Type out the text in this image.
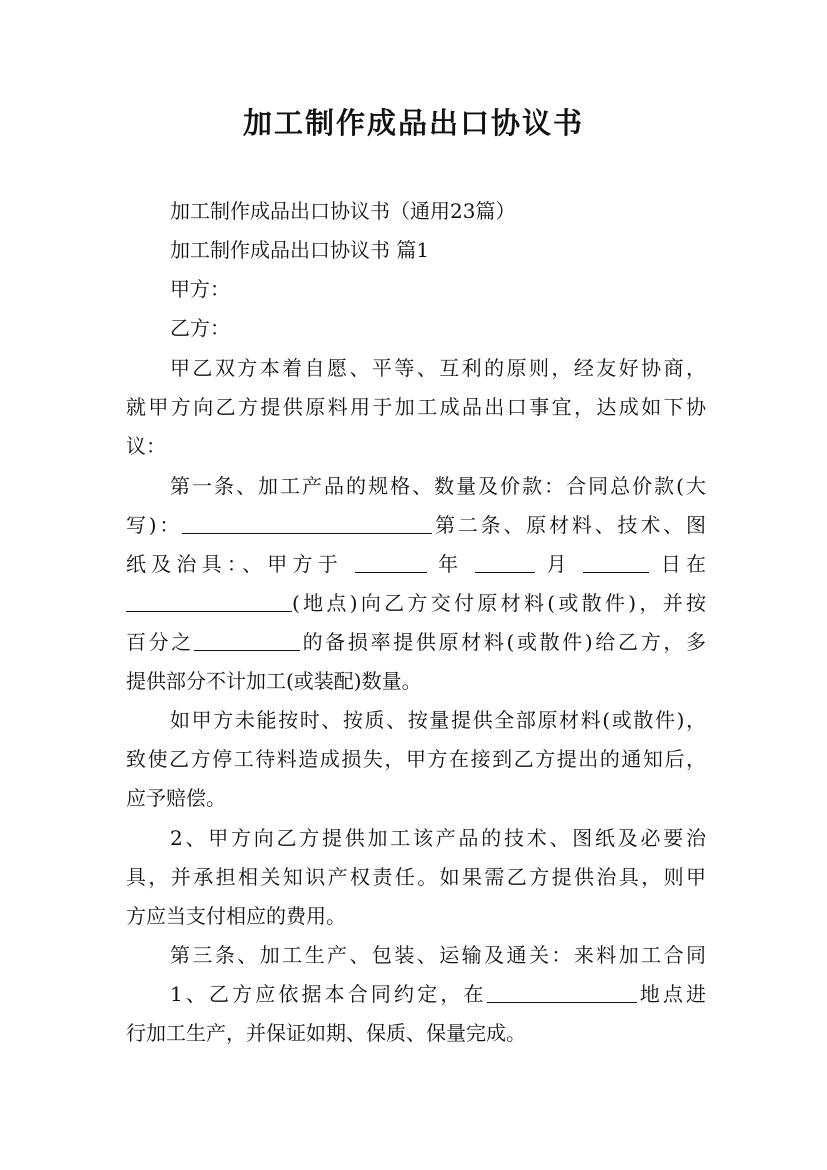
加工制作成品出口协议书
加工制作成品出口协议书（通用23篇）
加工制作成品出口协议书 篇1
甲方：
乙方：
甲乙双方本着自愿、平等、互利的原则，经友好协商，
就甲方向乙方提供原料用于加工成品出口事宜，达成如下协
议：
第一条、加工产品的规格、数量及价款：合同总价款(大
写)：	第二条、原材料、技术、图
纸及治具：、甲方于	年	月	日在
(地点)向乙方交付原材料(或散件)，并按
百分之	的备损率提供原材料(或散件)给乙方，多
提供部分不计加工(或装配)数量。
如甲方未能按时、按质、按量提供全部原材料(或散件)，
致使乙方停工待料造成损失，甲方在接到乙方提出的通知后，
应予赔偿。
2、甲方向乙方提供加工该产品的技术、图纸及必要治
具，并承担相关知识产权责任。如果需乙方提供治具，则甲
方应当支付相应的费用。
第三条、加工生产、包装、运输及通关：来料加工合同
1、乙方应依据本合同约定，在	地点进
行加工生产，并保证如期、保质、保量完成。
